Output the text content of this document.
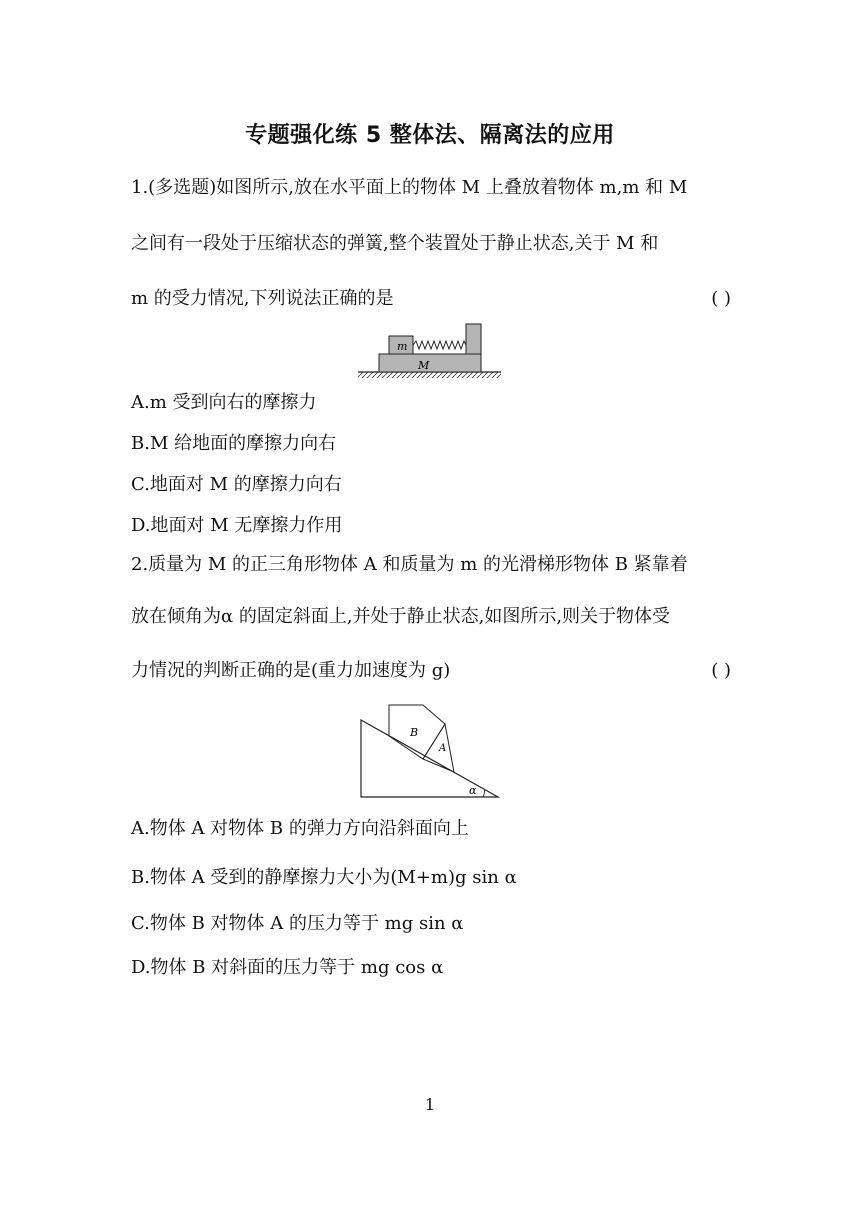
专题强化练 5 整体法、隔离法的应用
1.(多选题)如图所示,放在水平面上的物体 M 上叠放着物体 m,m 和 M
之间有一段处于压缩状态的弹簧,整个装置处于静止状态,关于 M 和
m 的受力情况,下列说法正确的是	( )
m
M
A.m 受到向右的摩擦力
B.M 给地面的摩擦力向右
C.地面对 M 的摩擦力向右
D.地面对 M 无摩擦力作用
2.质量为 M 的正三角形物体 A 和质量为 m 的光滑梯形物体 B 紧靠着
放在倾角为α 的固定斜面上,并处于静止状态,如图所示,则关于物体受
力情况的判断正确的是(重力加速度为 g)	( )
B
A
α
A.物体 A 对物体 B 的弹力方向沿斜面向上
B.物体 A 受到的静摩擦力大小为(M+m)g sin α
C.物体 B 对物体 A 的压力等于 mg sin α
D.物体 B 对斜面的压力等于 mg cos α
1
